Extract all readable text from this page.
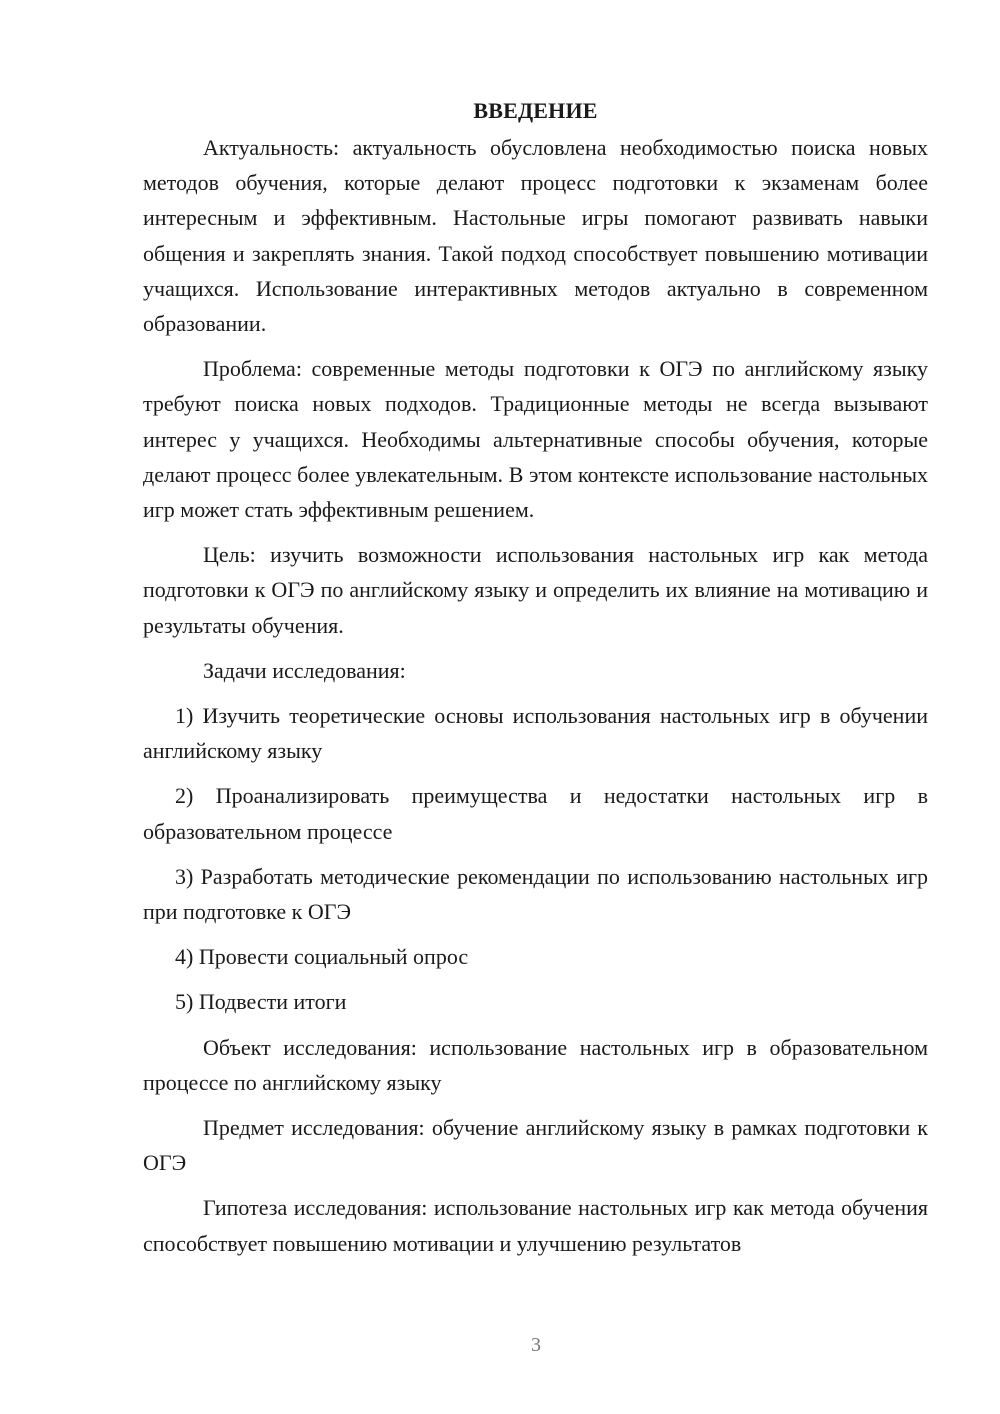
ВВЕДЕНИЕ

Актуальность: актуальность обусловлена необходимостью поиска новых методов обучения, которые делают процесс подготовки к экзаменам более интересным и эффективным. Настольные игры помогают развивать навыки общения и закреплять знания. Такой подход способствует повышению мотивации учащихся. Использование интерактивных методов актуально в современном образовании.

Проблема: современные методы подготовки к ОГЭ по английскому языку требуют поиска новых подходов. Традиционные методы не всегда вызывают интерес у учащихся. Необходимы альтернативные способы обучения, которые делают процесс более увлекательным. В этом контексте использование настольных игр может стать эффективным решением.

Цель: изучить возможности использования настольных игр как метода подготовки к ОГЭ по английскому языку и определить их влияние на мотивацию и результаты обучения.

Задачи исследования:

1) Изучить теоретические основы использования настольных игр в обучении английскому языку

2) Проанализировать преимущества и недостатки настольных игр в образовательном процессе

3) Разработать методические рекомендации по использованию настольных игр при подготовке к ОГЭ

4) Провести социальный опрос

5) Подвести итоги

Объект исследования: использование настольных игр в образовательном процессе по английскому языку

Предмет исследования: обучение английскому языку в рамках подготовки к ОГЭ

Гипотеза исследования: использование настольных игр как метода обучения способствует повышению мотивации и улучшению результатов

3
